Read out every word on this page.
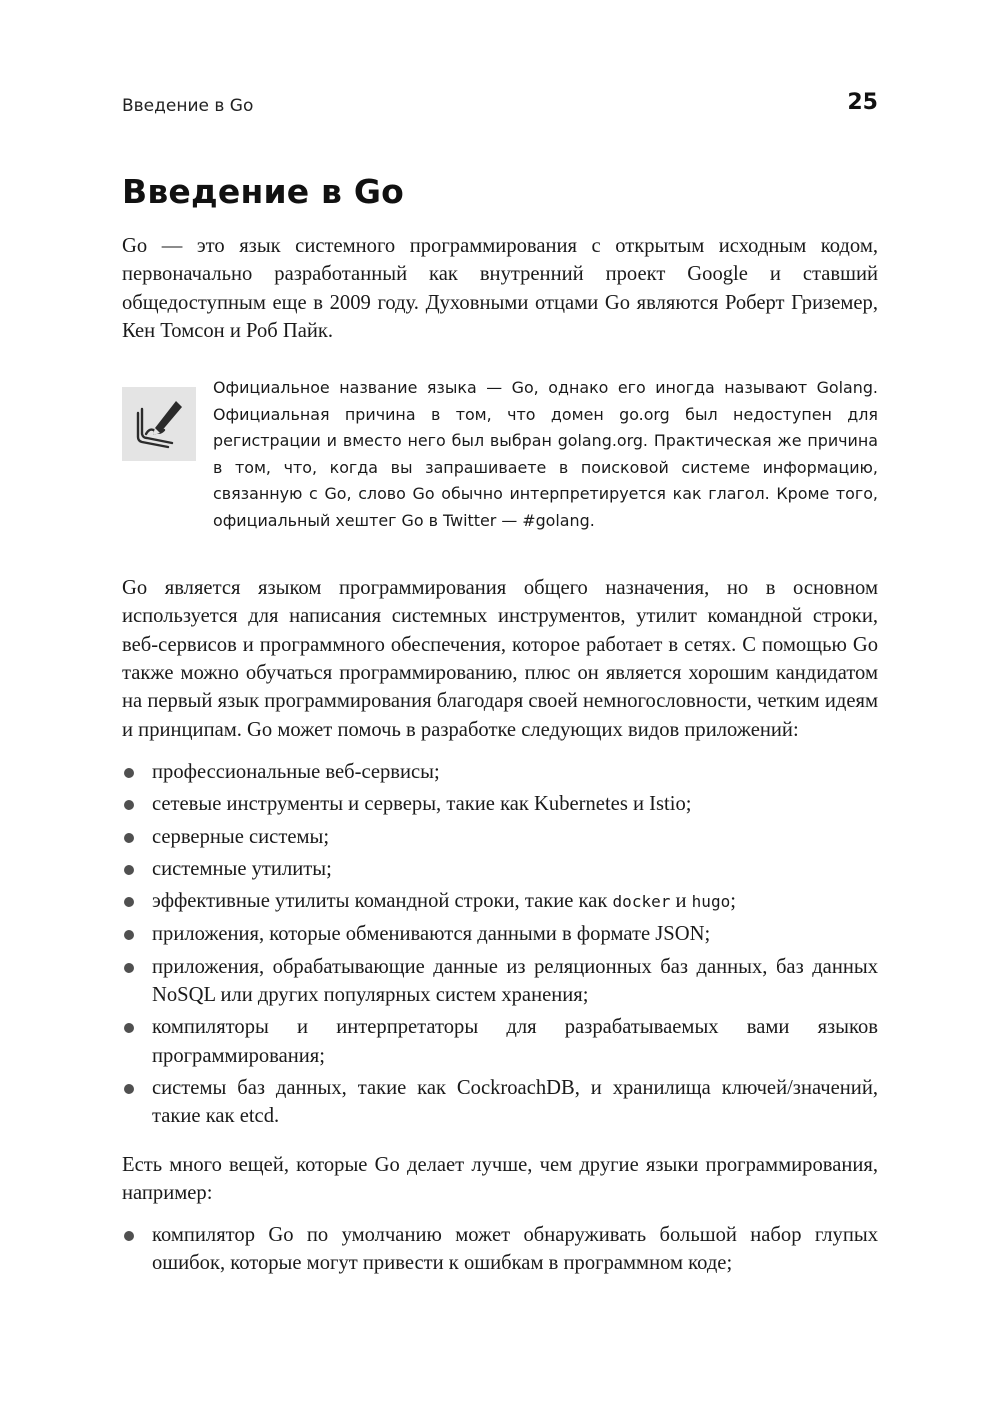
Введение в Go	25
Введение в Go

Go — это язык системного программирования с открытым исходным кодом, первоначально разработанный как внутренний проект Google и ставший общедоступным еще в 2009 году. Духовными отцами Go являются Роберт Гриземер, Кен Томсон и Роб Пайк.

Официальное название языка — Go, однако его иногда называют Golang. Официальная причина в том, что домен go.org был недоступен для регистрации и вместо него был выбран golang.org. Практическая же причина в том, что, когда вы запрашиваете в поисковой системе информацию, связанную с Go, слово Go обычно интерпретируется как глагол. Кроме того, официальный хештег Go в Twitter — #golang.

Go является языком программирования общего назначения, но в основном используется для написания системных инструментов, утилит командной строки, веб-сервисов и программного обеспечения, которое работает в сетях. С помощью Go также можно обучаться программированию, плюс он является хорошим кандидатом на первый язык программирования благодаря своей немногословности, четким идеям и принципам. Go может помочь в разработке следующих видов приложений:

профессиональные веб-сервисы;
сетевые инструменты и серверы, такие как Kubernetes и Istio;
серверные системы;
системные утилиты;
эффективные утилиты командной строки, такие как docker и hugo;
приложения, которые обмениваются данными в формате JSON;
приложения, обрабатывающие данные из реляционных баз данных, баз данных NoSQL или других популярных систем хранения;
компиляторы и интерпретаторы для разрабатываемых вами языков программирования;
системы баз данных, такие как CockroachDB, и хранилища ключей/значений, такие как etcd.

Есть много вещей, которые Go делает лучше, чем другие языки программирования, например:

компилятор Go по умолчанию может обнаруживать большой набор глупых ошибок, которые могут привести к ошибкам в программном коде;
